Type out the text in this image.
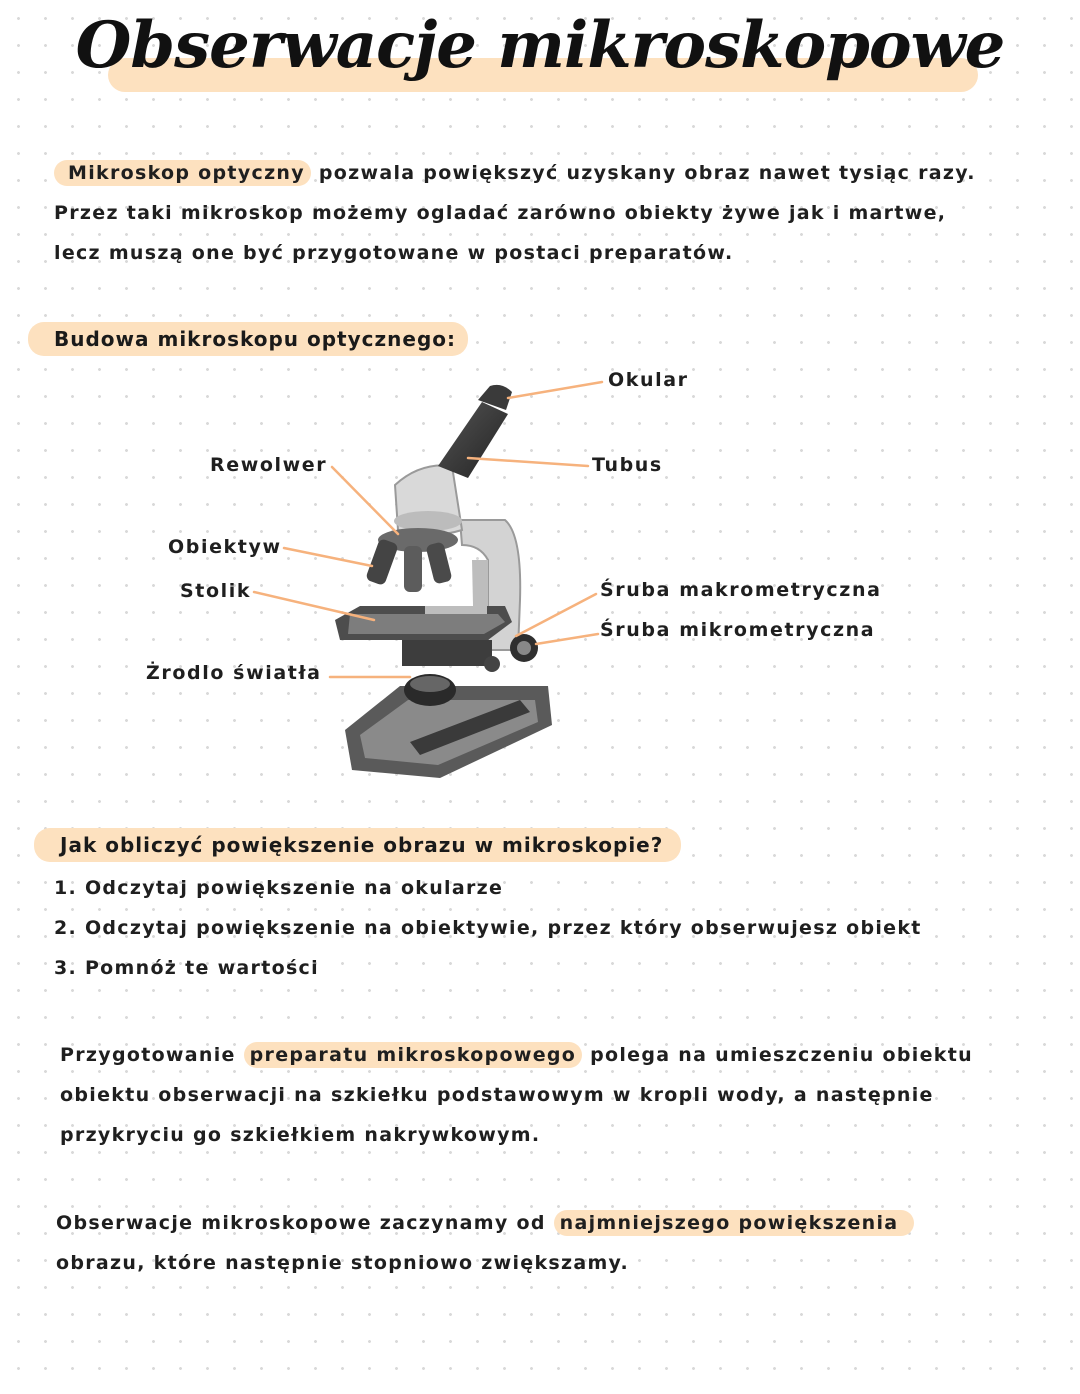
Obserwacje mikroskopowe

Mikroskop optyczny pozwala powiększyć uzyskany obraz nawet tysiąc razy.

Przez taki mikroskop możemy ogladać zarówno obiekty żywe jak i martwe,

lecz muszą one być przygotowane w postaci preparatów.

Budowa mikroskopu optycznego:
Okular
Tubus
Rewolwer
Obiektyw
Stolik
Żrodlo światła
Śruba makrometryczna
Śruba mikrometryczna
Jak obliczyć powiększenie obrazu w mikroskopie?
1. Odczytaj powiększenie na okularze
2. Odczytaj powiększenie na obiektywie, przez który obserwujesz obiekt
3. Pomnóż te wartości

Przygotowanie preparatu mikroskopowego polega na umieszczeniu obiektu

obiektu obserwacji na szkiełku podstawowym w kropli wody, a następnie

przykryciu go szkiełkiem nakrywkowym.

Obserwacje mikroskopowe zaczynamy od najmniejszego powiększenia

obrazu, które następnie stopniowo zwiększamy.
